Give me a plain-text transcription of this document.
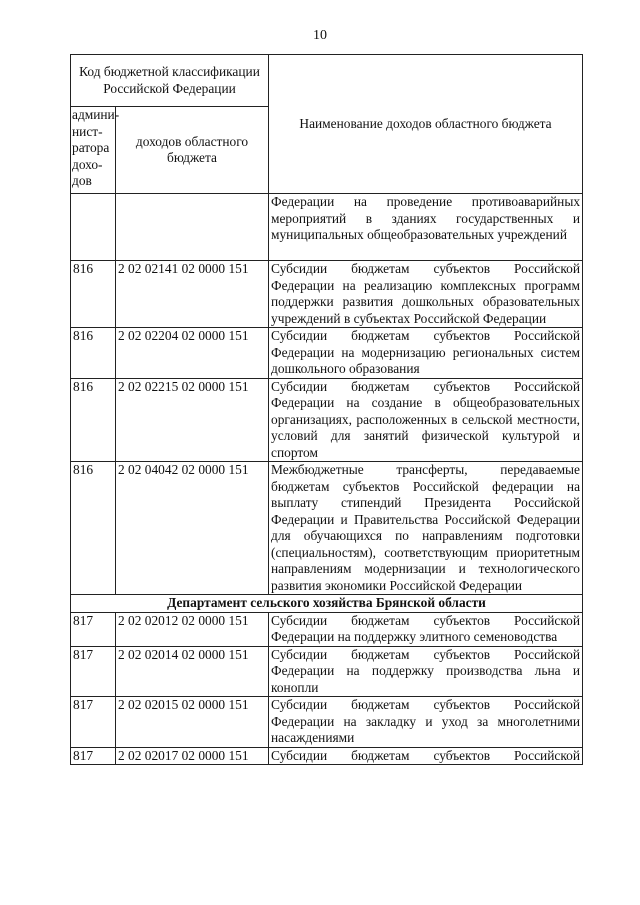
10
Код бюджетной классификации Российской Федерации		Наименование доходов областного бюджета
админи-нист-ратора дохо-дов	доходов областного бюджета	
		Федерации на проведение противоаварийных мероприятий в зданиях государственных и муниципальных общеобразовательных учреждений
816	2 02 02141 02 0000 151	Субсидии бюджетам субъектов Российской Федерации на реализацию комплексных программ поддержки развития дошкольных образовательных учреждений в субъектах Российской Федерации
816	2 02 02204 02 0000 151	Субсидии бюджетам субъектов Российской Федерации на модернизацию региональных систем дошкольного образования
816	2 02 02215 02 0000 151	Субсидии бюджетам субъектов Российской Федерации на создание в общеобразовательных организациях, расположенных в сельской местности, условий для занятий физической культурой и спортом
816	2 02 04042 02 0000 151	Межбюджетные трансферты, передаваемые бюджетам субъектов Российской федерации на выплату стипендий Президента Российской Федерации и Правительства Российской Федерации для обучающихся по направлениям подготовки (специальностям), соответствующим приоритетным направлениям модернизации и технологического развития экономики Российской Федерации
Департамент сельского хозяйства Брянской области		
817	2 02 02012 02 0000 151	Субсидии бюджетам субъектов Российской Федерации на поддержку элитного семеноводства
817	2 02 02014 02 0000 151	Субсидии бюджетам субъектов Российской Федерации на поддержку производства льна и конопли
817	2 02 02015 02 0000 151	Субсидии бюджетам субъектов Российской Федерации на закладку и уход за многолетними насаждениями
817	2 02 02017 02 0000 151	Субсидии бюджетам субъектов Российской
